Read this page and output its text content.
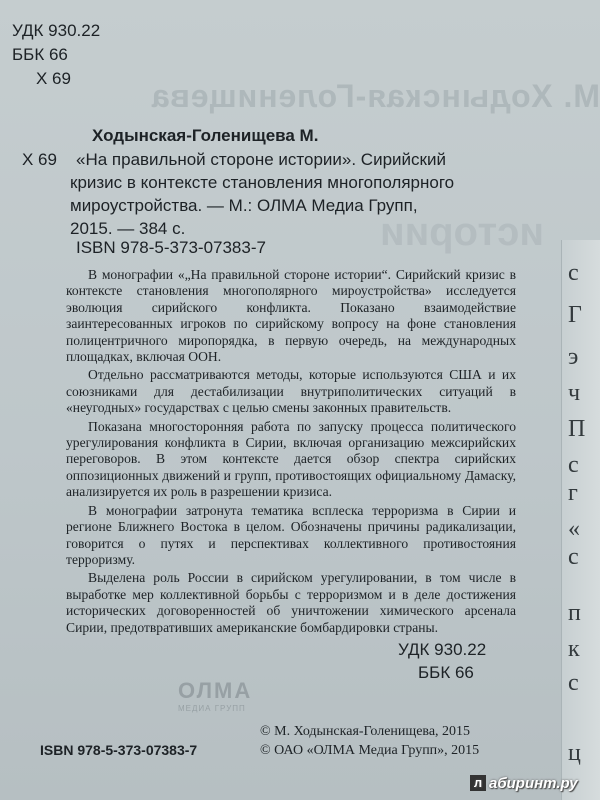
М. Ходынская-Голенищева
истории
с
Г
э
ч
П
с
г
«
с
п
к
с
ц
УДК 930.22
ББК 66
Х 69
Ходынская-Голенищева М.
Х 69	«На правильной стороне истории». Сирийский

кризис в контексте становления многополярного

мироустройства. — М.: ОЛМА Медиа Групп,

2015. — 384 с.

ISBN 978-5-373-07383-7

В монографии «„На правильной стороне истории“. Сирийский кризис в контексте становления многополярного мироустройства» исследуется эволюция сирийского конфликта. Показано взаимодействие заинтересованных игроков по сирийскому вопросу на фоне становления полицентричного миропорядка, в первую очередь, на международных площадках, включая ООН.

Отдельно рассматриваются методы, которые используются США и их союзниками для дестабилизации внутриполитических ситуаций в «неугодных» государствах с целью смены законных правительств.

Показана многосторонняя работа по запуску процесса политического урегулирования конфликта в Сирии, включая организацию межсирийских переговоров. В этом контексте дается обзор спектра сирийских оппозиционных движений и групп, противостоящих официальному Дамаску, анализируется их роль в разрешении кризиса.

В монографии затронута тематика всплеска терроризма в Сирии и регионе Ближнего Востока в целом. Обозначены причины радикализации, говорится о путях и перспективах коллективного противостояния терроризму.

Выделена роль России в сирийском урегулировании, в том числе в выработке мер коллективной борьбы с терроризмом и в деле достижения исторических договоренностей об уничтожении химического арсенала Сирии, предотвративших американские бомбардировки страны.

УДК 930.22
ББК 66
ОЛМА
МЕДИА ГРУПП
ISBN 978-5-373-07383-7
© М. Ходынская-Голенищева, 2015
© ОАО «ОЛМА Медиа Групп», 2015
л абиринт.ру
